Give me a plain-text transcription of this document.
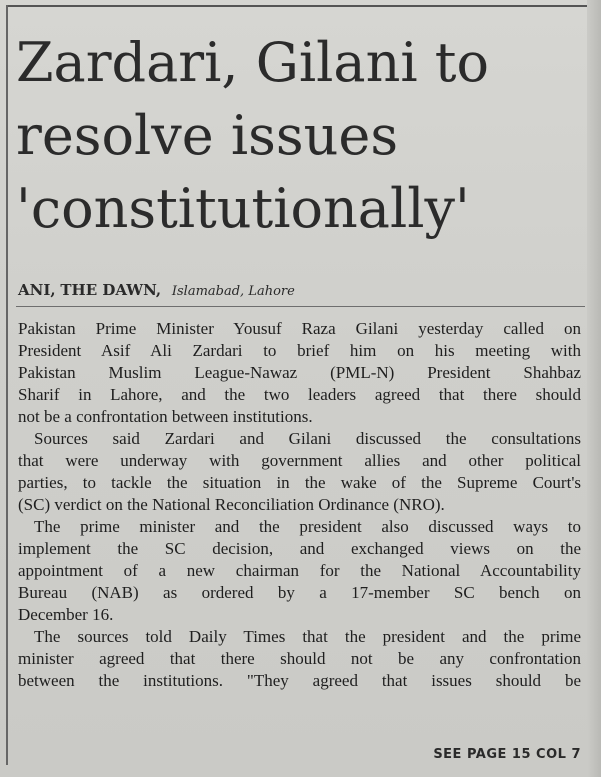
Zardari, Gilani to
resolve issues
'constitutionally'
ANI, THE DAWN, Islamabad, Lahore
Pakistan Prime Minister Yousuf Raza Gilani yesterday called on
President Asif Ali Zardari to brief him on his meeting with
Pakistan Muslim League-Nawaz (PML-N) President Shahbaz
Sharif in Lahore, and the two leaders agreed that there should
not be a confrontation between institutions.
Sources said Zardari and Gilani discussed the consultations
that were underway with government allies and other political
parties, to tackle the situation in the wake of the Supreme Court's
(SC) verdict on the National Reconciliation Ordinance (NRO).
The prime minister and the president also discussed ways to
implement the SC decision, and exchanged views on the
appointment of a new chairman for the National Accountability
Bureau (NAB) as ordered by a 17-member SC bench on
December 16.
The sources told Daily Times that the president and the prime
minister agreed that there should not be any confrontation
between the institutions. "They agreed that issues should be
SEE PAGE 15 COL 7
